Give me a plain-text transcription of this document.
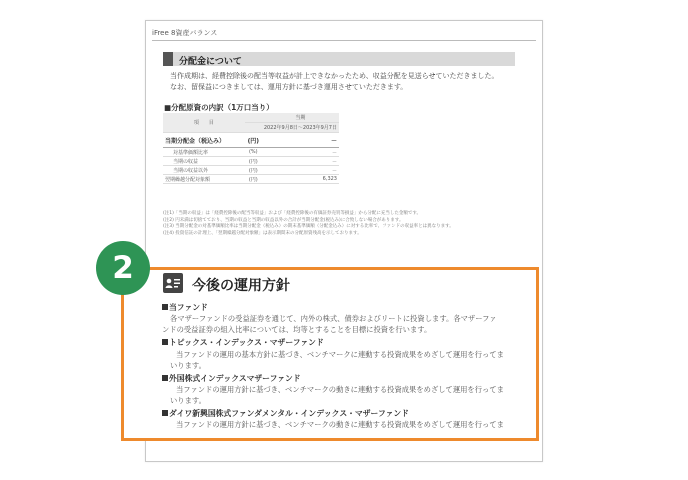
iFree 8資産バランス
分配金について
当作成期は、経費控除後の配当等収益が計上できなかったため、収益分配を見送らせていただきました。
なお、留保益につきましては、運用方針に基づき運用させていただきます。
■分配原資の内訳（1万口当り）
項　　目		当期
		2022年9月8日～2023年9月7日
当期分配金（税込み）	(円)	－
対基準価額比率	(%)	－
当期の収益	(円)	－
当期の収益以外	(円)	－
翌期繰越分配対象額	(円)	6,323
(注1)「当期の収益」は「経費控除後の配当等収益」および「経費控除後の有価証券売買等損益」から分配に充当した金額です。
(注2) 円未満は切捨てており、当期の収益と当期の収益以外の合計が当期分配金(税込み)に合致しない場合があります。
(注3) 当期分配金の対基準価額比率は当期分配金（税込み）の期末基準価額（分配金込み）に対する比率で、ファンドの収益率とは異なります。
(注4) 投資信託の計理上、「翌期繰越分配対象額」は表示期間末の分配原資残高を示しております。
2	今後の運用方針
当ファンド
各マザーファンドの受益証券を通じて、内外の株式、債券およびリートに投資します。各マザーファ
ンドの受益証券の組入比率については、均等とすることを目標に投資を行います。
トピックス・インデックス・マザーファンド
当ファンドの運用の基本方針に基づき、ベンチマークに連動する投資成果をめざして運用を行ってま
いります。
外国株式インデックスマザーファンド
当ファンドの運用方針に基づき、ベンチマークの動きに連動する投資成果をめざして運用を行ってま
いります。
ダイワ新興国株式ファンダメンタル・インデックス・マザーファンド
当ファンドの運用方針に基づき、ベンチマークの動きに連動する投資成果をめざして運用を行ってま
